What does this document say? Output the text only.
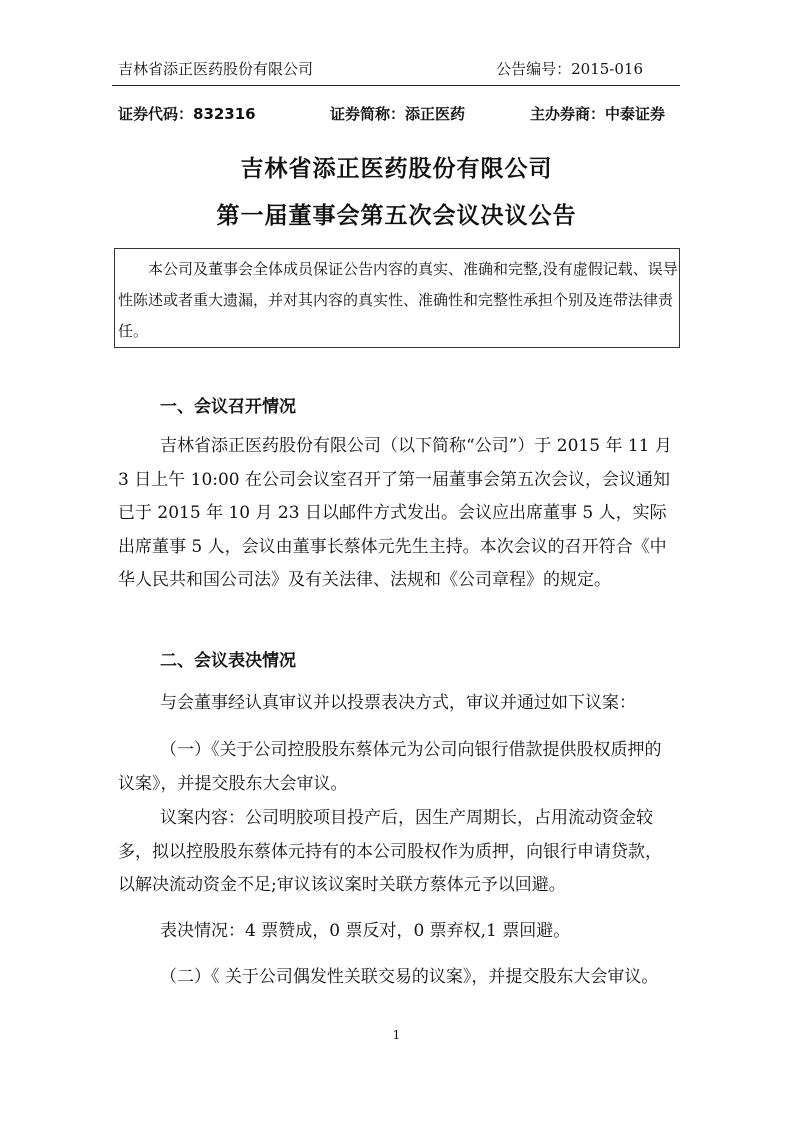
吉林省添正医药股份有限公司	公告编号：2015-016
证券代码：832316	证券简称：添正医药	主办券商：中泰证券
吉林省添正医药股份有限公司
第一届董事会第五次会议决议公告
本公司及董事会全体成员保证公告内容的真实、准确和完整,没有虚假记载、误导性陈述或者重大遗漏，并对其内容的真实性、准确性和完整性承担个别及连带法律责任。
一、会议召开情况
吉林省添正医药股份有限公司（以下简称“公司”）于 2015 年 11 月 3 日上午 10:00 在公司会议室召开了第一届董事会第五次会议，会议通知已于 2015 年 10 月 23 日以邮件方式发出。会议应出席董事 5 人，实际出席董事 5 人，会议由董事长蔡体元先生主持。本次会议的召开符合《中华人民共和国公司法》及有关法律、法规和《公司章程》的规定。
二、会议表决情况
与会董事经认真审议并以投票表决方式，审议并通过如下议案：
（一）《关于公司控股股东蔡体元为公司向银行借款提供股权质押的议案》，并提交股东大会审议。
议案内容：公司明胶项目投产后，因生产周期长，占用流动资金较多，拟以控股股东蔡体元持有的本公司股权作为质押，向银行申请贷款，以解决流动资金不足;审议该议案时关联方蔡体元予以回避。
表决情况：4 票赞成，0 票反对，0 票弃权,1 票回避。
（二）《 关于公司偶发性关联交易的议案》，并提交股东大会审议。
1
